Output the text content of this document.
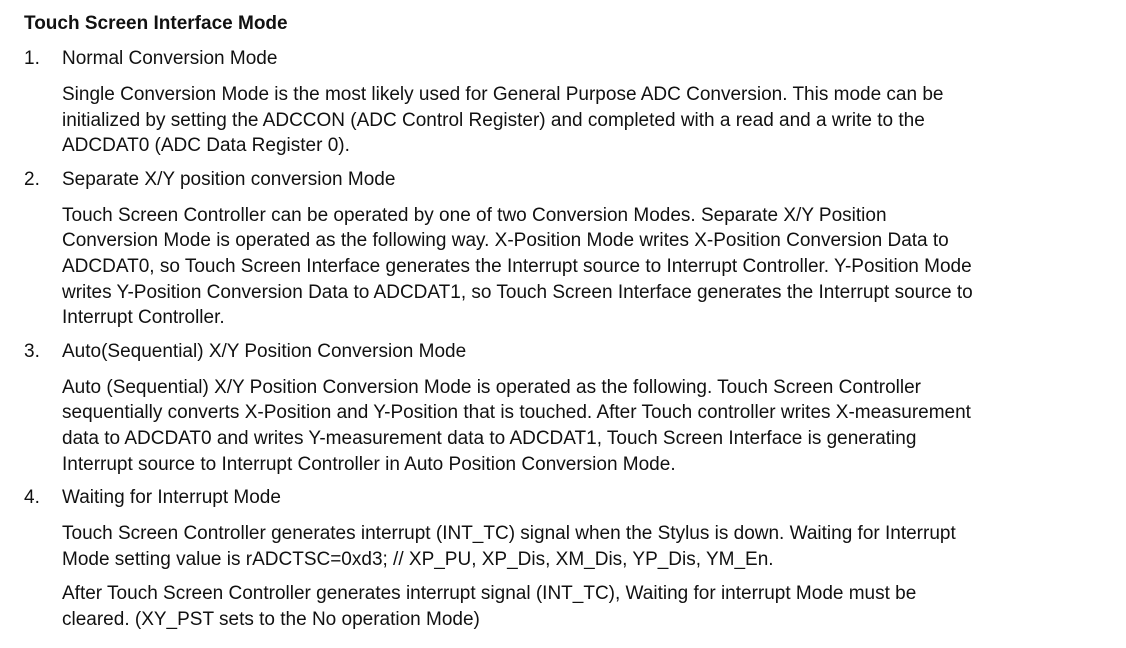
Touch Screen Interface Mode
1.	Normal Conversion Mode
Single Conversion Mode is the most likely used for General Purpose ADC Conversion. This mode can be
initialized by setting the ADCCON (ADC Control Register) and completed with a read and a write to the
ADCDAT0 (ADC Data Register 0).
2.	Separate X/Y position conversion Mode
Touch Screen Controller can be operated by one of two Conversion Modes. Separate X/Y Position
Conversion Mode is operated as the following way. X-Position Mode writes X-Position Conversion Data to
ADCDAT0, so Touch Screen Interface generates the Interrupt source to Interrupt Controller. Y-Position Mode
writes Y-Position Conversion Data to ADCDAT1, so Touch Screen Interface generates the Interrupt source to
Interrupt Controller.
3.	Auto(Sequential) X/Y Position Conversion Mode
Auto (Sequential) X/Y Position Conversion Mode is operated as the following. Touch Screen Controller
sequentially converts X-Position and Y-Position that is touched. After Touch controller writes X-measurement
data to ADCDAT0 and writes Y-measurement data to ADCDAT1, Touch Screen Interface is generating
Interrupt source to Interrupt Controller in Auto Position Conversion Mode.
4.	Waiting for Interrupt Mode
Touch Screen Controller generates interrupt (INT_TC) signal when the Stylus is down. Waiting for Interrupt
Mode setting value is rADCTSC=0xd3; // XP_PU, XP_Dis, XM_Dis, YP_Dis, YM_En.
After Touch Screen Controller generates interrupt signal (INT_TC), Waiting for interrupt Mode must be
cleared. (XY_PST sets to the No operation Mode)
